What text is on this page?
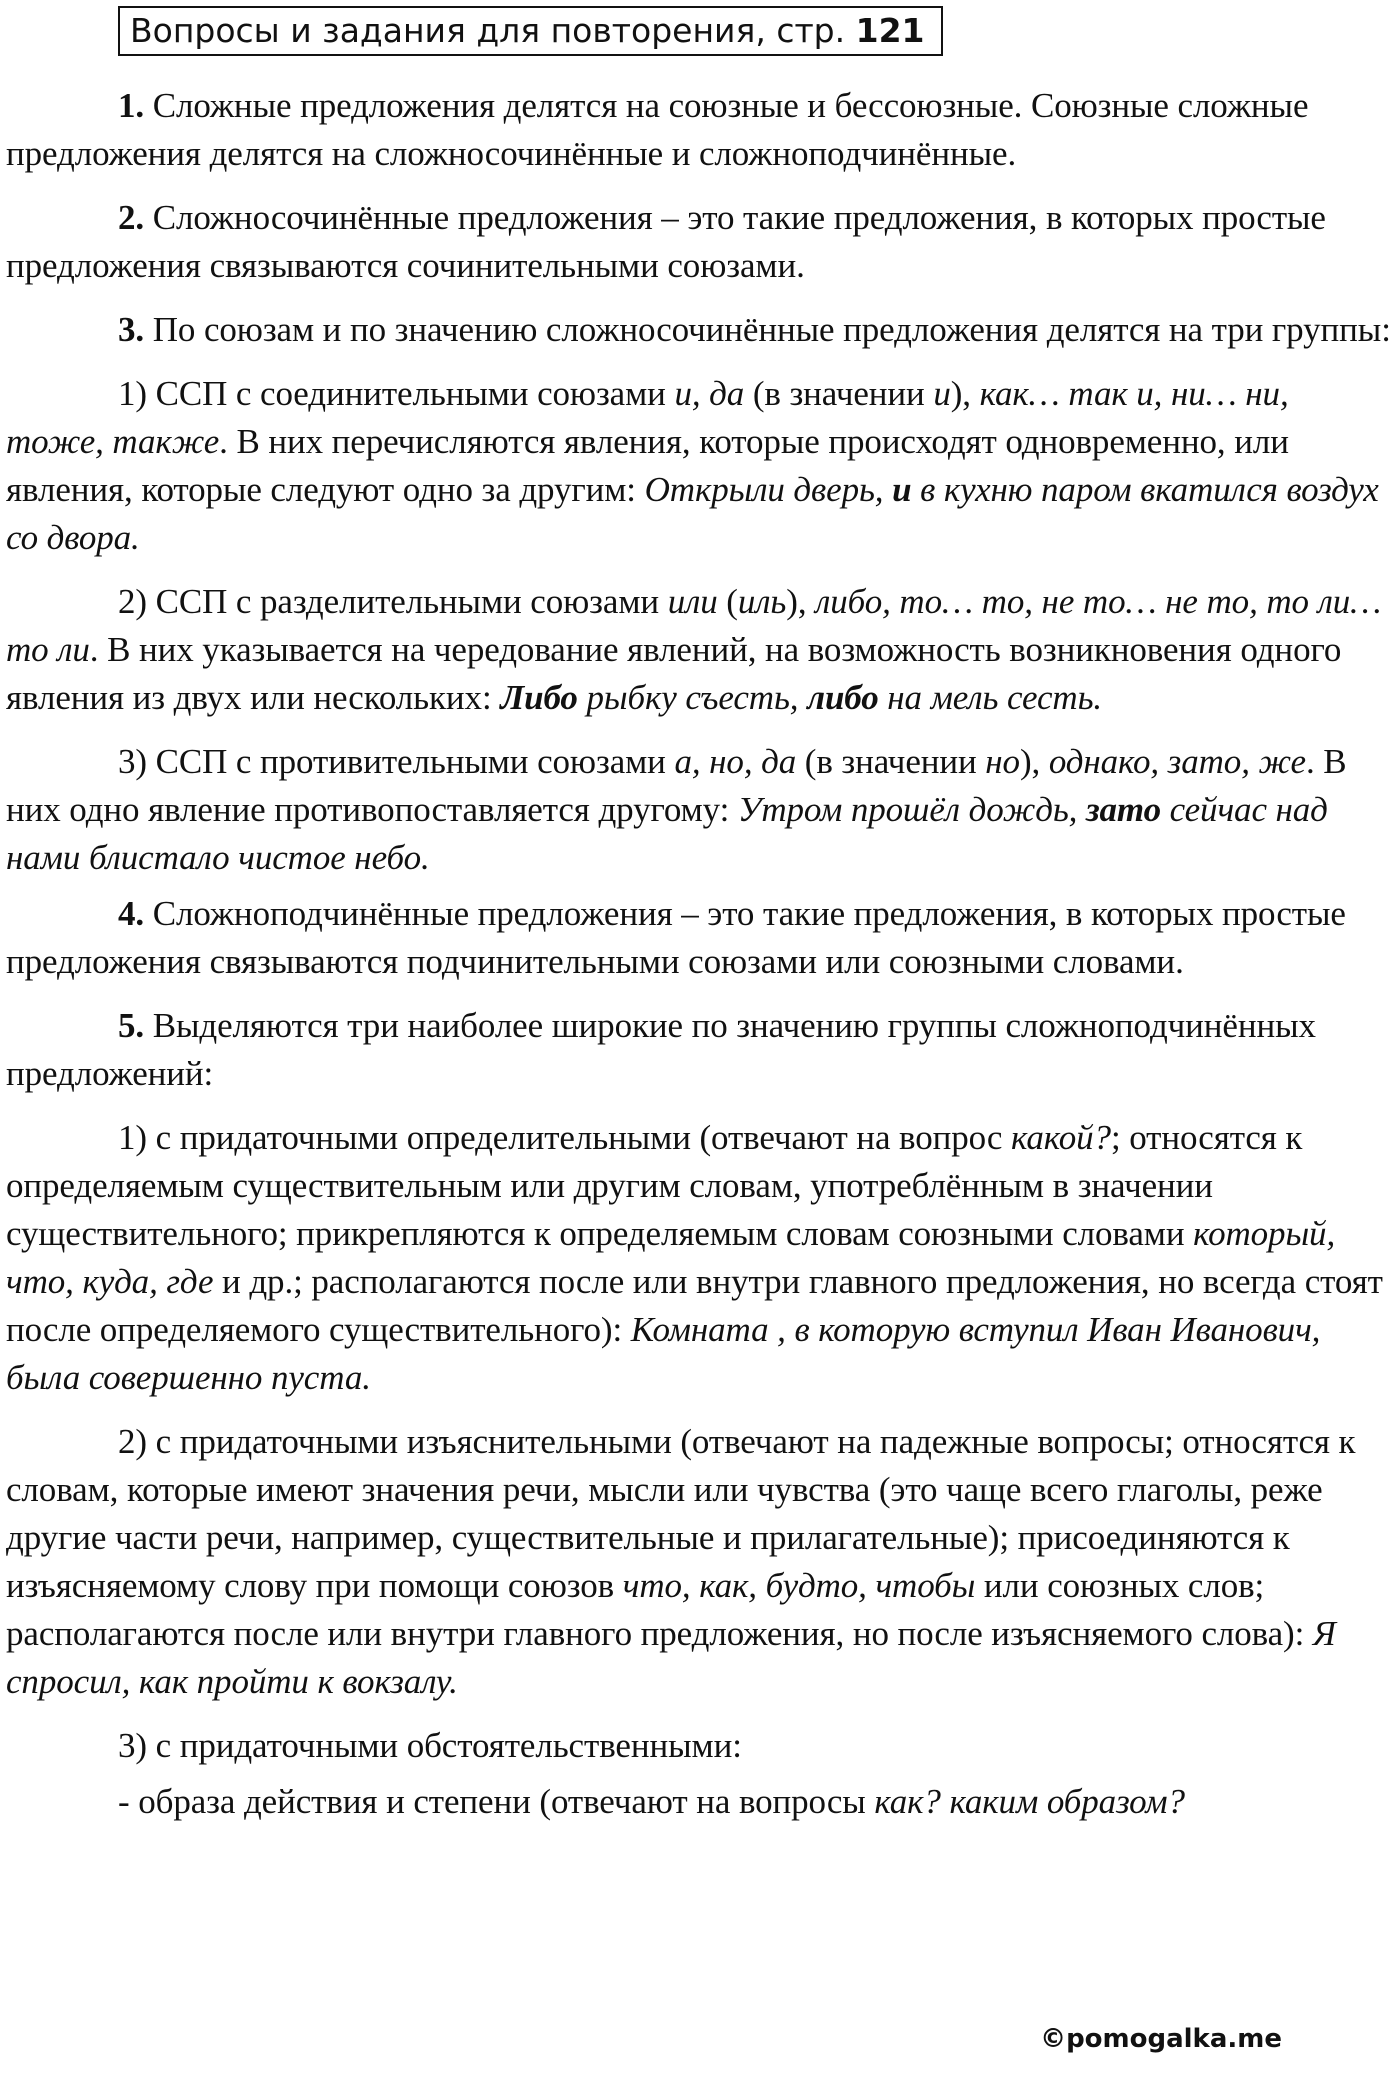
Вопросы и задания для повторения, стр. 121

1. Сложные предложения делятся на союзные и бессоюзные. Союзные сложные предложения делятся на сложносочинённые и сложноподчинённые.

2. Сложносочинённые предложения – это такие предложения, в которых простые предложения связываются сочинительными союзами.

3. По союзам и по значению сложносочинённые предложения делятся на три группы:

1) ССП с соединительными союзами и, да (в значении и), как… так и, ни… ни, тоже, также. В них перечисляются явления, которые происходят одновременно, или явления, которые следуют одно за другим: Открыли дверь, и в кухню паром вкатился воздух со двора.

2) ССП с разделительными союзами или (иль), либо, то… то, не то… не то, то ли… то ли. В них указывается на чередование явлений, на возможность возникновения одного явления из двух или нескольких: Либо рыбку съесть, либо на мель сесть.

3) ССП с противительными союзами а, но, да (в значении но), однако, зато, же. В них одно явление противопоставляется другому: Утром прошёл дождь, зато сейчас над нами блистало чистое небо.

4. Сложноподчинённые предложения – это такие предложения, в которых простые предложения связываются подчинительными союзами или союзными словами.

5. Выделяются три наиболее широкие по значению группы сложноподчинённых предложений:

1) с придаточными определительными (отвечают на вопрос какой?; относятся к определяемым существительным или другим словам, употреблённым в значении существительного; прикрепляются к определяемым словам союзными словами который, что, куда, где и др.; располагаются после или внутри главного предложения, но всегда стоят после определяемого существительного): Комната , в которую вступил Иван Иванович, была совершенно пуста.

2) с придаточными изъяснительными (отвечают на падежные вопросы; относятся к словам, которые имеют значения речи, мысли или чувства (это чаще всего глаголы, реже другие части речи, например, существительные и прилагательные); присоединяются к изъясняемому слову при помощи союзов что, как, будто, чтобы или союзных слов; располагаются после или внутри главного предложения, но после изъясняемого слова): Я спросил, как пройти к вокзалу.

3) с придаточными обстоятельственными:

- образа действия и степени (отвечают на вопросы как? каким образом?

©pomogalka.me
